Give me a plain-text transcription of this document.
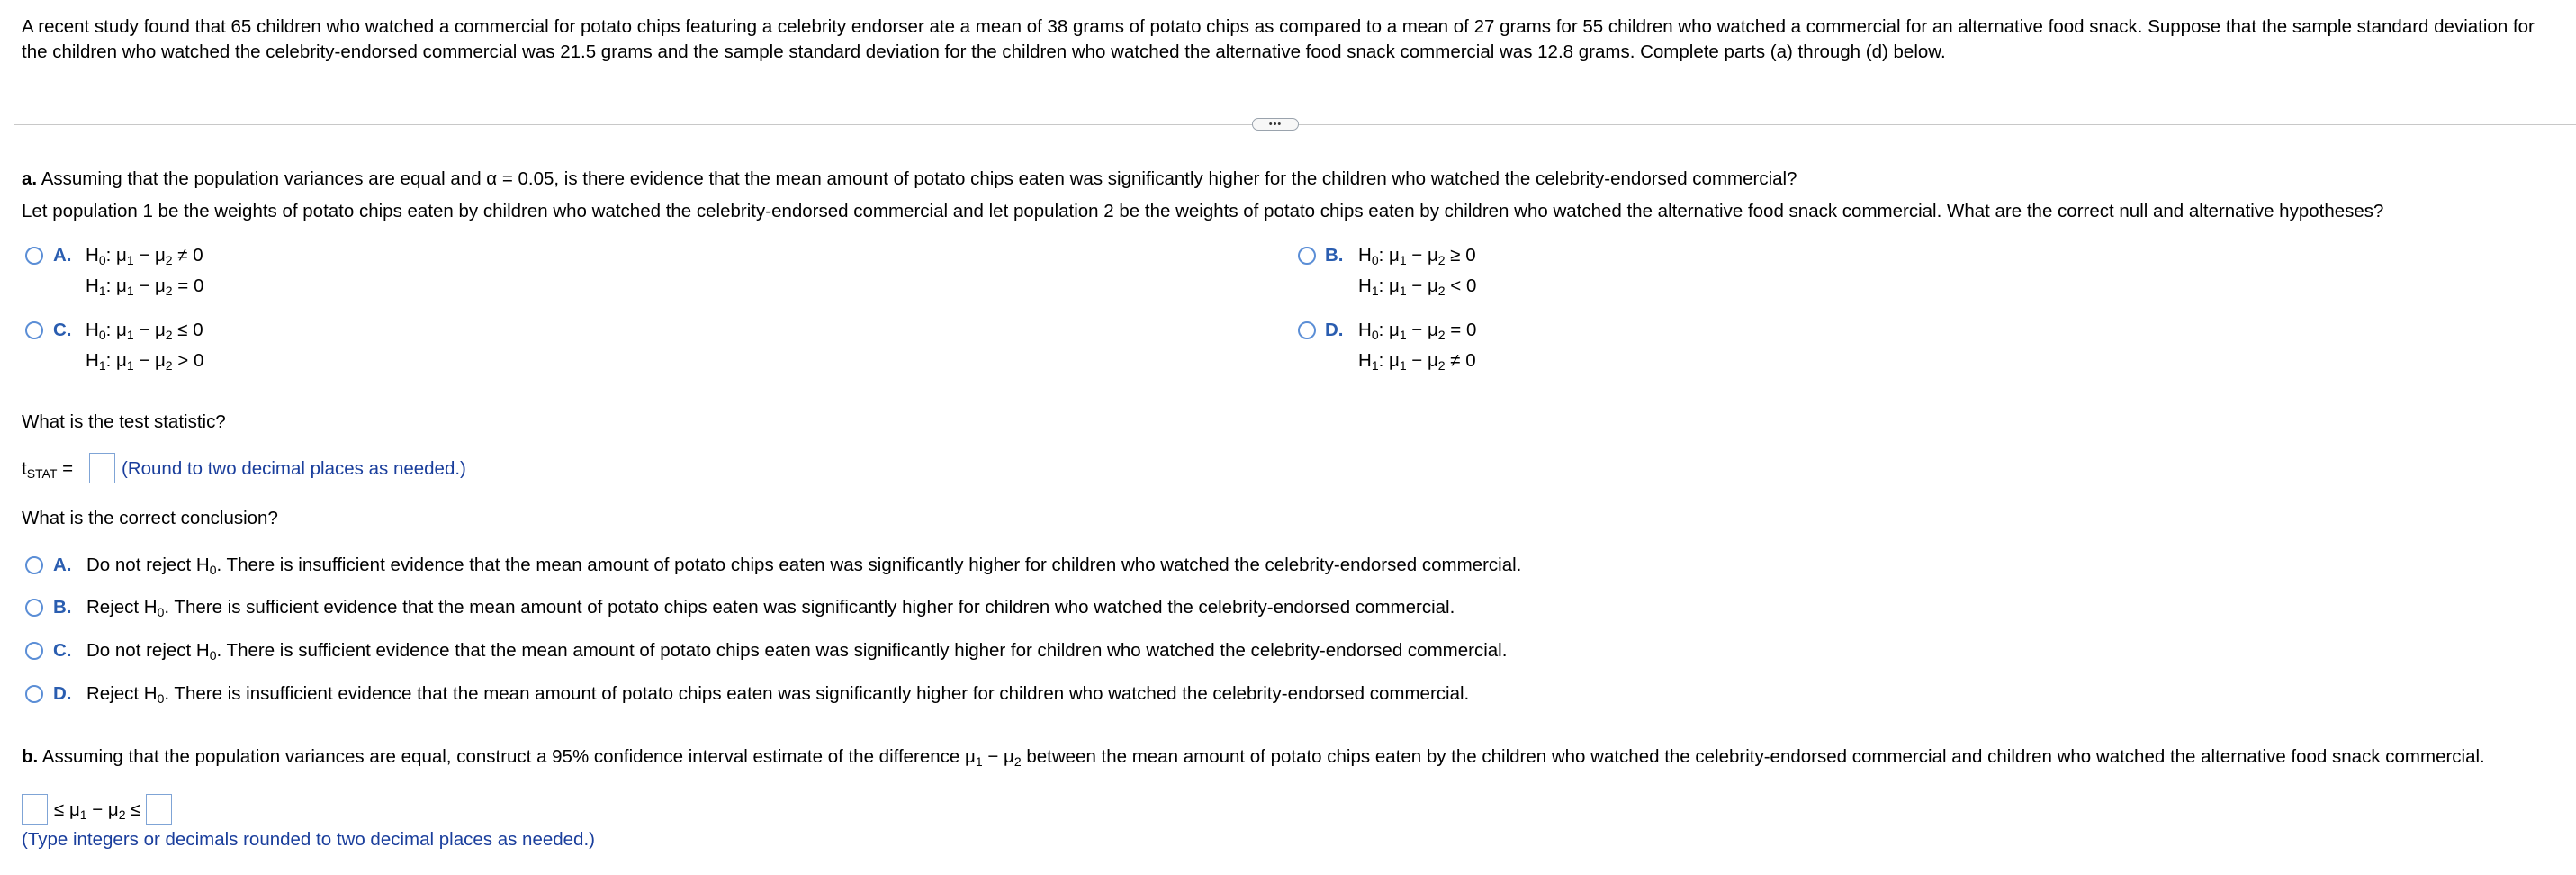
A recent study found that 65 children who watched a commercial for potato chips featuring a celebrity endorser ate a mean of 38 grams of potato chips as compared to a mean of 27 grams for 55 children who watched a commercial for an alternative food snack. Suppose that the sample standard deviation for the children who watched the celebrity-endorsed commercial was 21.5 grams and the sample standard deviation for the children who watched the alternative food snack commercial was 12.8 grams. Complete parts (a) through (d) below.
•••
a. Assuming that the population variances are equal and α = 0.05, is there evidence that the mean amount of potato chips eaten was significantly higher for the children who watched the celebrity-endorsed commercial?
Let population 1 be the weights of potato chips eaten by children who watched the celebrity-endorsed commercial and let population 2 be the weights of potato chips eaten by children who watched the alternative food snack commercial. What are the correct null and alternative hypotheses?
A. $H_0$: $\mu_1 - \mu_2 \ne 0$
$H_1$: $\mu_1 - \mu_2 = 0$
B. $H_0$: $\mu_1 - \mu_2 \ge 0$
$H_1$: $\mu_1 - \mu_2 < 0$
C. $H_0$: $\mu_1 - \mu_2 \le 0$
$H_1$: $\mu_1 - \mu_2 > 0$
D. $H_0$: $\mu_1 - \mu_2 = 0$
$H_1$: $\mu_1 - \mu_2 \ne 0$
What is the test statistic?
$t_{STAT}$ =	(Round to two decimal places as needed.)
What is the correct conclusion?
A. Do not reject $H_0$. There is insufficient evidence that the mean amount of potato chips eaten was significantly higher for children who watched the celebrity-endorsed commercial.
B. Reject $H_0$. There is sufficient evidence that the mean amount of potato chips eaten was significantly higher for children who watched the celebrity-endorsed commercial.
C. Do not reject $H_0$. There is sufficient evidence that the mean amount of potato chips eaten was significantly higher for children who watched the celebrity-endorsed commercial.
D. Reject $H_0$. There is insufficient evidence that the mean amount of potato chips eaten was significantly higher for children who watched the celebrity-endorsed commercial.
b. Assuming that the population variances are equal, construct a 95% confidence interval estimate of the difference $\mu_1 - \mu_2$ between the mean amount of potato chips eaten by the children who watched the celebrity-endorsed commercial and children who watched the alternative food snack commercial.
≤ $\mu_1 - \mu_2$ ≤
(Type integers or decimals rounded to two decimal places as needed.)
